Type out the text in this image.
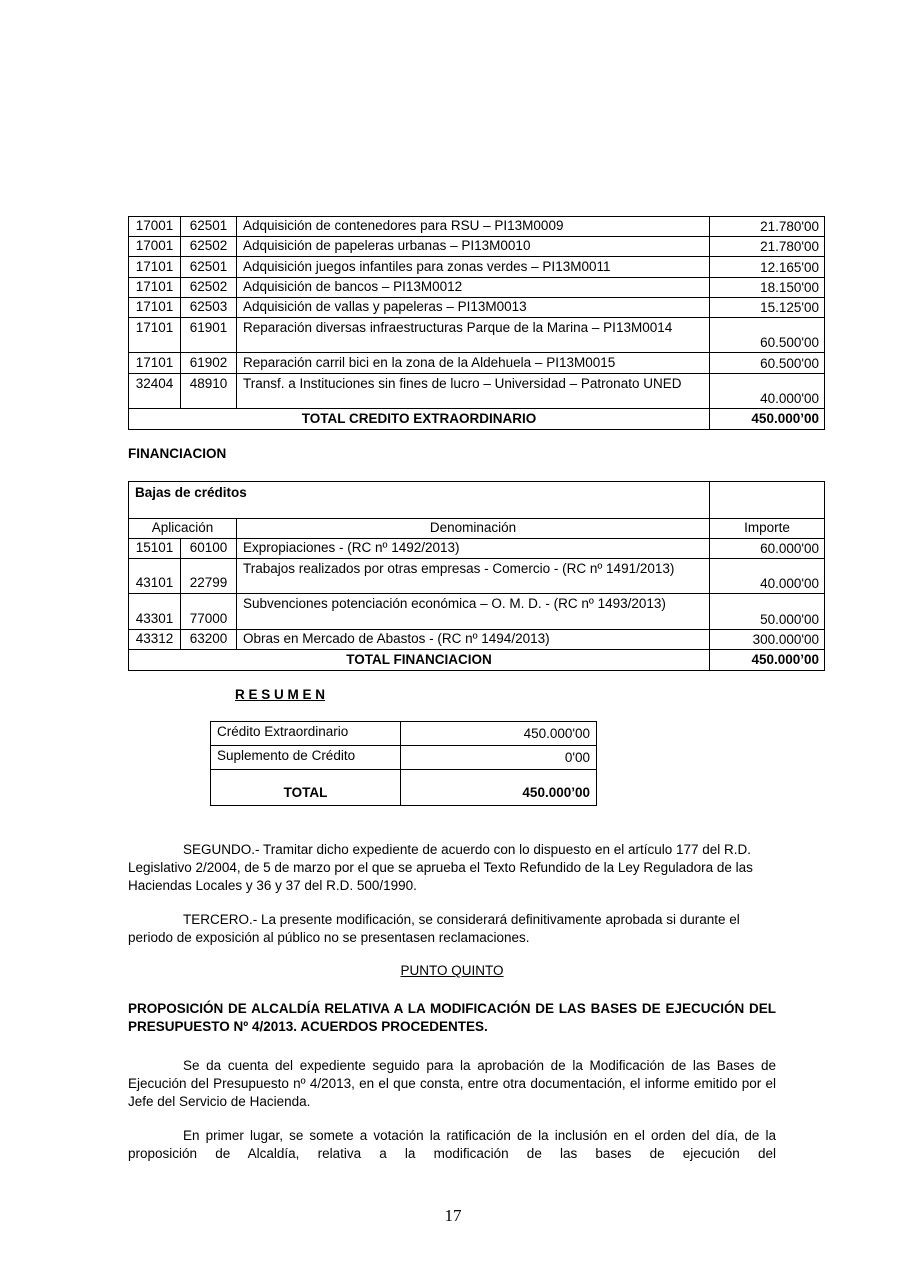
17001	62501	Adquisición de contenedores para RSU – PI13M0009	21.780'00
17001	62502	Adquisición de papeleras urbanas – PI13M0010	21.780'00
17101	62501	Adquisición juegos infantiles para zonas verdes – PI13M0011	12.165'00
17101	62502	Adquisición de bancos – PI13M0012	18.150'00
17101	62503	Adquisición de vallas y papeleras – PI13M0013	15.125'00
17101	61901	Reparación diversas infraestructuras Parque de la Marina – PI13M0014	60.500'00
17101	61902	Reparación carril bici en la zona de la Aldehuela – PI13M0015	60.500'00
32404	48910	Transf. a Instituciones sin fines de lucro – Universidad – Patronato UNED	40.000'00
TOTAL CREDITO EXTRAORDINARIO			450.000’00
FINANCIACION
Bajas de créditos			
Aplicación		Denominación	Importe
15101	60100	Expropiaciones - (RC nº 1492/2013)	60.000'00
43101	22799	Trabajos realizados por otras empresas - Comercio - (RC nº 1491/2013)	40.000'00
43301	77000	Subvenciones potenciación económica – O. M. D. - (RC nº 1493/2013)	50.000'00
43312	63200	Obras en Mercado de Abastos - (RC nº 1494/2013)	300.000'00
TOTAL FINANCIACION			450.000’00
R E S U M E N
Crédito Extraordinario	450.000'00
Suplemento de Crédito	0'00
TOTAL	450.000’00
SEGUNDO.- Tramitar dicho expediente de acuerdo con lo dispuesto en el artículo 177 del R.D. Legislativo 2/2004, de 5 de marzo por el que se aprueba el Texto Refundido de la Ley Reguladora de las Haciendas Locales y 36 y 37 del R.D. 500/1990.
TERCERO.- La presente modificación, se considerará definitivamente aprobada si durante el periodo de exposición al público no se presentasen reclamaciones.
PUNTO QUINTO
PROPOSICIÓN DE ALCALDÍA RELATIVA A LA MODIFICACIÓN DE LAS BASES DE EJECUCIÓN DEL PRESUPUESTO Nº 4/2013. ACUERDOS PROCEDENTES.
Se da cuenta del expediente seguido para la aprobación de la Modificación de las Bases de Ejecución del Presupuesto nº 4/2013, en el que consta, entre otra documentación, el informe emitido por el Jefe del Servicio de Hacienda.
En primer lugar, se somete a votación la ratificación de la inclusión en el orden del día, de la proposición de Alcaldía, relativa a la modificación de las bases de ejecución del
17
